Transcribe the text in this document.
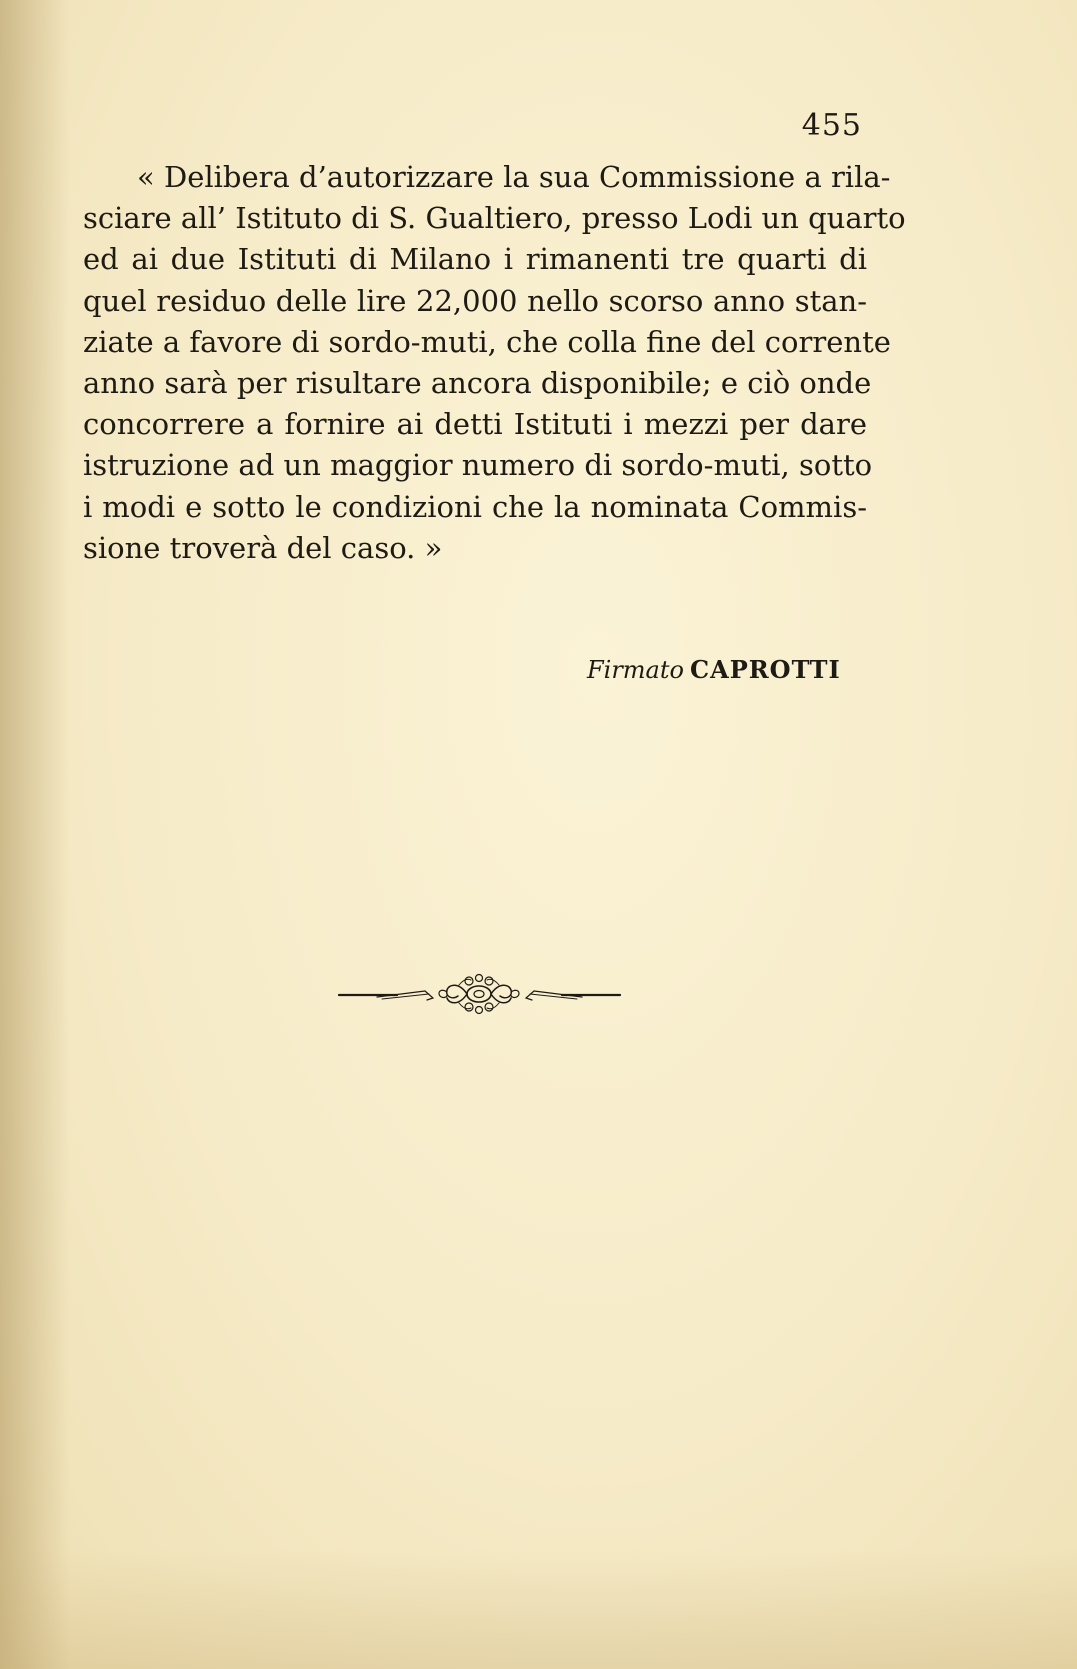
455
« Delibera d’autorizzare la sua Commissione a rila-
sciare all’ Istituto di S. Gualtiero, presso Lodi un quarto
ed ai due Istituti di Milano i rimanenti tre quarti di
quel residuo delle lire 22,000 nello scorso anno stan-
ziate a favore di sordo-muti, che colla fine del corrente
anno sarà per risultare ancora disponibile; e ciò onde
concorrere a fornire ai detti Istituti i mezzi per dare
istruzione ad un maggior numero di sordo-muti, sotto
i modi e sotto le condizioni che la nominata Commis-
sione troverà del caso. »
Firmato CAPROTTI
